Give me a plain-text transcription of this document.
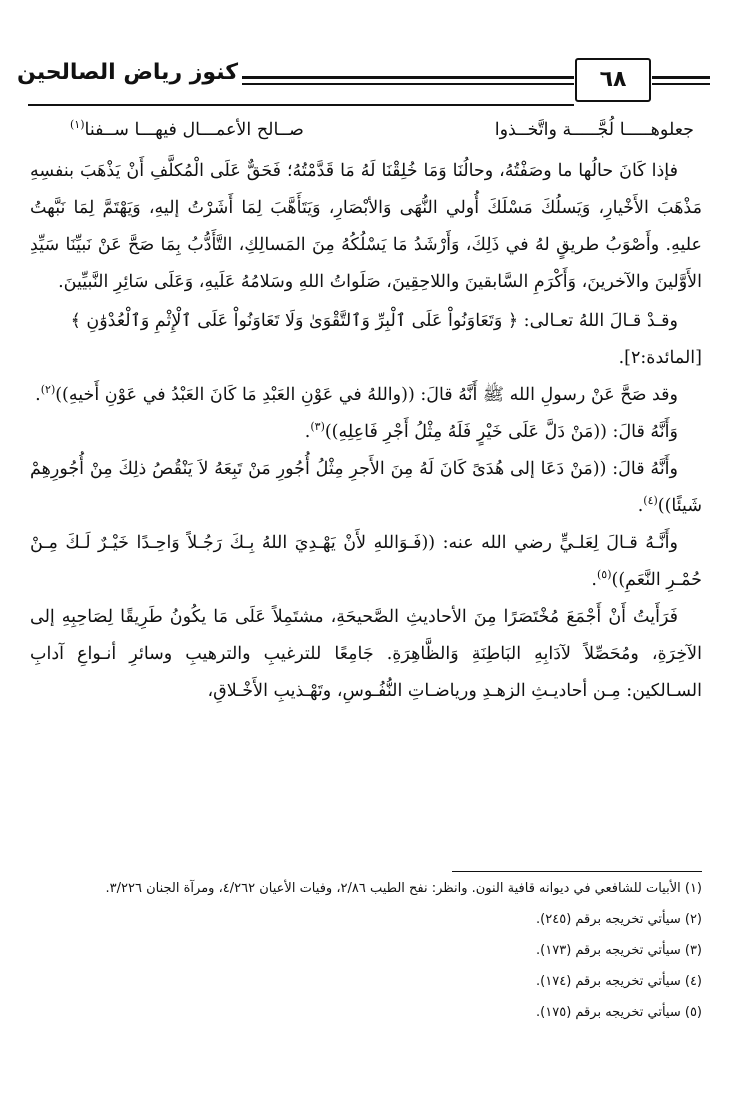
كنوز رياض الصالحين	٦٨
جعلوهـــــا لُجَّـــــة واتَّخــذوا
صــالح الأعمـــال فيهـــا ســفنا$^{(١)}$

فإذا كَانَ حالُها ما وصَفْتُهُ، وحالُنَا وَمَا خُلِقْنَا لَهُ مَا قَدَّمْتُهُ؛ فَحَقٌّ عَلَى الْمُكلَّفِ أَنْ يَذْهَبَ بنفسِهِ مَذْهَبَ الأَخْيارِ، وَيَسلُكَ مَسْلَكَ أُولي النُّهَى وَالأبْصَارِ، وَيَتَأَهَّبَ لِمَا أَشَرْتُ إليهِ، وَيَهْتَمَّ لِمَا نَبَّهتُ عليهِ. وأَصْوَبُ طريقٍ لهُ في ذَلِكَ، وَأَرْشَدُ مَا يَسْلُكُهُ مِنَ المَسالِكِ، التَّأَدُّبُ بِمَا صَحَّ عَنْ نَبيِّنَا سَيِّدِ الأَوَّلينَ والآخرينَ، وَأَكْرَمِ السَّابقينَ واللاحِقِينَ، صَلَواتُ اللهِ وسَلامُهُ عَلَيهِ، وَعَلَى سَائِرِ النَّبيِّينَ.

وقـدْ قـالَ اللهُ تعـالى: ﴿ وَتَعَاوَنُواْ عَلَى ٱلْبِرِّ وَٱلتَّقْوَىٰ وَلَا تَعَاوَنُواْ عَلَى ٱلْإِثْمِ وَٱلْعُدْوَٰنِ ﴾

[المائدة:٢].

وقد صَحَّ عَنْ رسولِ الله ﷺ أَنَّهُ قالَ: ((واللهُ في عَوْنِ العَبْدِ مَا كَانَ العَبْدُ في عَوْنِ أَخيهِ))$^{(٢)}$.

وَأَنَّهُ قالَ: ((مَنْ دَلَّ عَلَى خَيْرٍ فَلَهُ مِثْلُ أَجْرِ فَاعِلِهِ))$^{(٣)}$.

وأَنَّهُ قالَ: ((مَنْ دَعَا إلى هُدَىً كَانَ لَهُ مِنَ الأَجرِ مِثْلُ أُجُورِ مَنْ تَبِعَهُ لاَ يَنْقُصُ ذلِكَ مِنْ أُجُورِهِمْ شَيئًا))$^{(٤)}$.

وأَنَّـهُ قـالَ لِعَلـيٍّ رضي الله عنه: ((فَـوَاللهِ لأَنْ يَهْـدِيَ اللهُ بِـكَ رَجُـلاً وَاحِـدًا خَيْـرٌ لَـكَ مِـنْ حُمْـرِ النَّعَمِ))$^{(٥)}$.

فَرَأَيتُ أَنْ أَجْمَعَ مُخْتَصَرًا مِنَ الأحاديثِ الصَّحيحَةِ، مشتَمِلاً عَلَى مَا يكُونُ طَرِيقًا لِصَاحِبِهِ إلى الآخِرَةِ، ومُحَصِّلاً لآدَابِهِ البَاطِنَةِ وَالظَّاهِرَةِ. جَامِعًا للترغيبِ والترهيبِ وسائرِ أنـواعِ آدابِ السـالكين: مِـن أحاديـثِ الزهـدِ ورياضـاتِ النُّفُـوسِ، وتَهْـذيبِ الأَخْـلاقِ،

(١) الأبيات للشافعي في ديوانه قافية النون. وانظر: نفح الطيب ٢/٨٦، وفيات الأعيان ٤/٢٦٢، ومرآة الجنان ٣/٢٢٦.

(٢) سيأتي تخريجه برقم (٢٤٥).

(٣) سيأتي تخريجه برقم (١٧٣).

(٤) سيأتي تخريجه برقم (١٧٤).

(٥) سيأتي تخريجه برقم (١٧٥).
